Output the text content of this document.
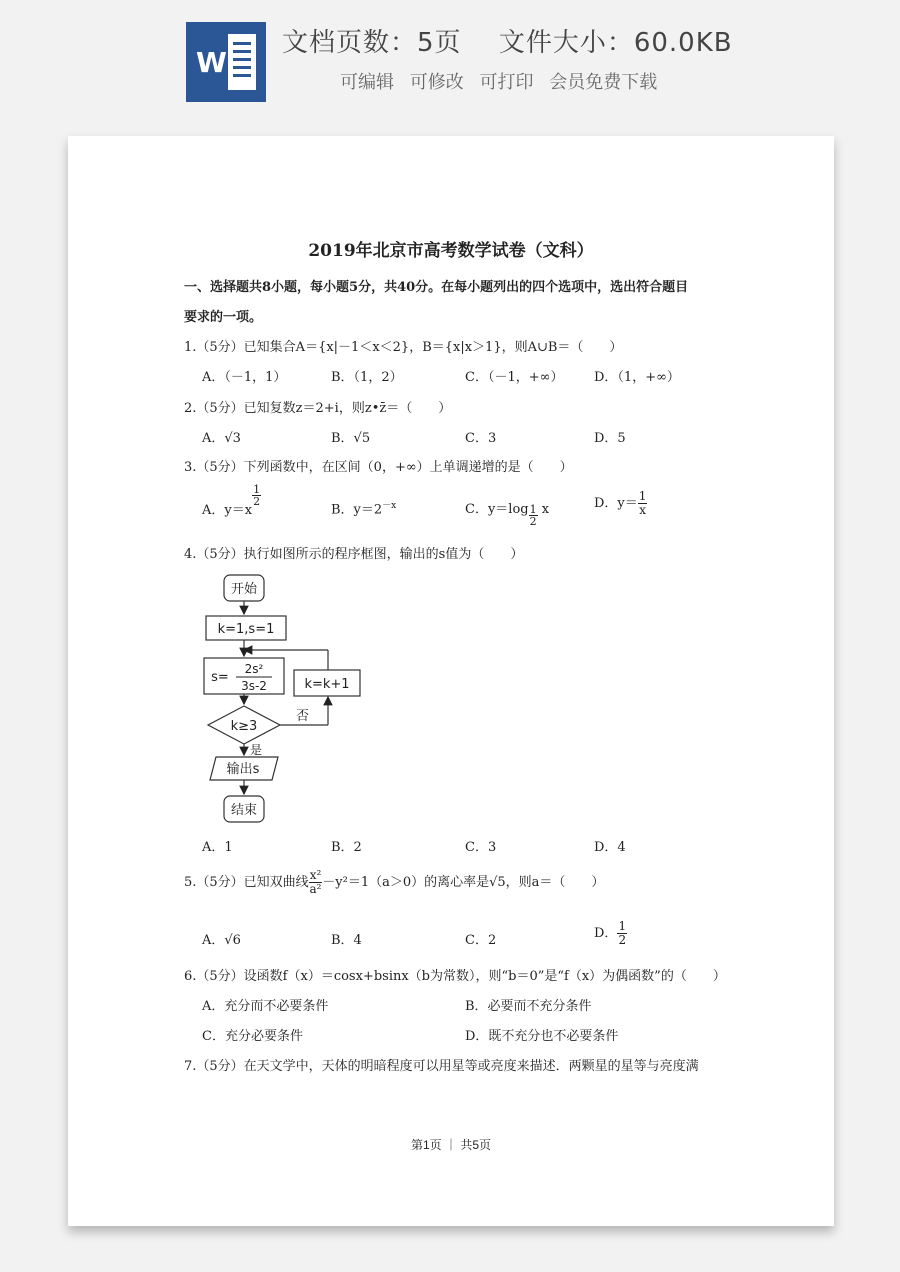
W
文档页数：5页 文件大小：60.0KB
可编辑 可修改 可打印 会员免费下载
2019年北京市高考数学试卷（文科）
一、选择题共8小题，每小题5分，共40分。在每小题列出的四个选项中，选出符合题目
要求的一项。
1.（5分）已知集合A＝{x|－1＜x＜2}，B＝{x|x＞1}，则A∪B＝（　　）
A．（－1，1）	B．（1，2）	C．（－1，+∞） D．（1，+∞）
2.（5分）已知复数z＝2+i，则z•z̄＝（　　）
A．√3	B．√5	C．3	D．5
3.（5分）下列函数中，在区间（0，+∞）上单调递增的是（　　）
A．y＝x
$\frac{1}{2}$
B．$y=2^{-x}$	C．$y=\log \frac{1}{2}$ x	D．$y= \frac{1}{x}$
4.（5分）执行如图所示的程序框图，输出的s值为（　　）
开始
k=1,s=1
s=
2s²
3s-2	k=k+1
k≥3
否
是
输出s
结束
A．1	B．2	C．3	D．4
5.（5分）已知双曲线 $\frac{\text{x²}}{\text{a²}} -y^2=1(a>0)$的离心率是√5，则a＝（　　）
A．√6	B．4	C．2	D． $\frac{1}{2}$
6.（5分）设函数f（x）＝cosx+bsinx（b为常数），则“b＝0”是“f（x）为偶函数”的（　　）
A．充分而不必要条件	B．必要而不充分条件
C．充分必要条件	D．既不充分也不必要条件
7.（5分）在天文学中，天体的明暗程度可以用星等或亮度来描述．两颗星的星等与亮度满
第1页 ｜ 共5页
